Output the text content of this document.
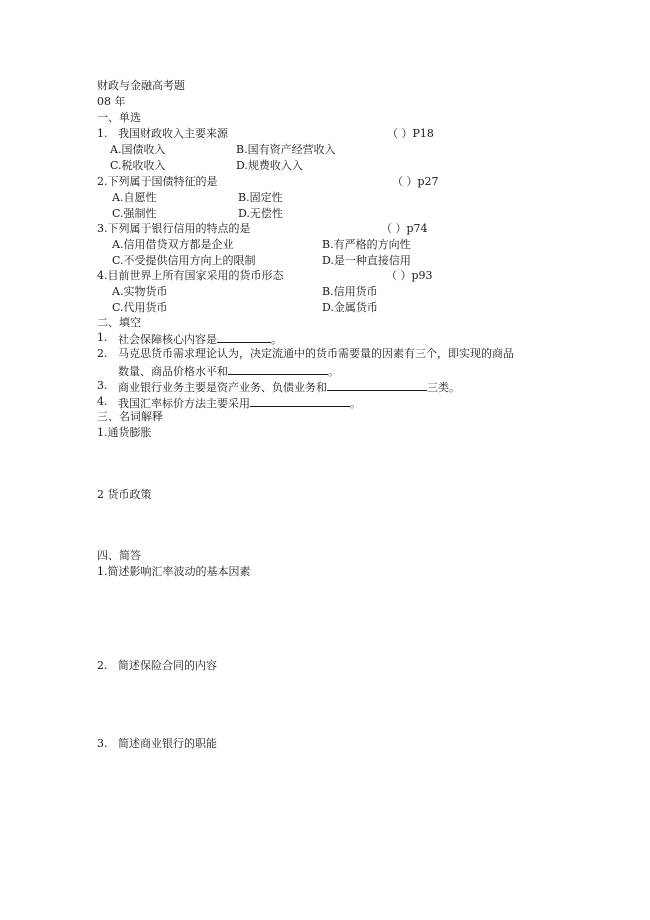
财政与金融高考题
08 年
一、单选
1. 我国财政收入主要来源	（ ）P18
A.国债收入	B.国有资产经营收入
C.税收收入	D.规费收入入
2.下列属于国债特征的是	（ ）p27
A.自愿性	B.固定性
C.强制性	D.无偿性
3.下列属于银行信用的特点的是	（ ）p74
A.信用借贷双方都是企业	B.有严格的方向性
C.不受提供信用方向上的限制	D.是一种直接信用
4.目前世界上所有国家采用的货币形态	（ ）p93
A.实物货币	B.信用货币
C.代用货币	D.金属货币
二、填空
1. 社会保障核心内容是	。
2. 马克思货币需求理论认为，决定流通中的货币需要量的因素有三个，即实现的商品
数量、商品价格水平和	。
3. 商业银行业务主要是资产业务、负债业务和	三类。
4. 我国汇率标价方法主要采用	。
三、名词解释
1.通货膨胀
2 货币政策
四、简答
1.简述影响汇率波动的基本因素
2. 简述保险合同的内容
3. 简述商业银行的职能
